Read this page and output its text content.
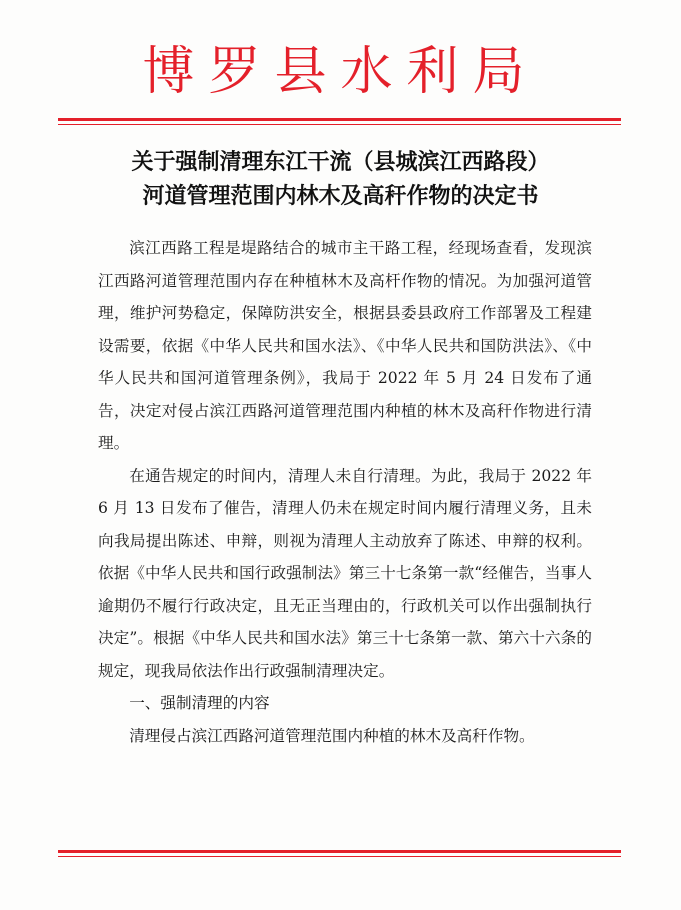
博罗县水利局
关于强制清理东江干流（县城滨江西路段）
河道管理范围内林木及高秆作物的决定书

滨江西路工程是堤路结合的城市主干路工程，经现场查看，发现滨江西路河道管理范围内存在种植林木及高杆作物的情况。为加强河道管理，维护河势稳定，保障防洪安全，根据县委县政府工作部署及工程建设需要，依据《中华人民共和国水法》、《中华人民共和国防洪法》、《中华人民共和国河道管理条例》，我局于 2022 年 5 月 24 日发布了通告，决定对侵占滨江西路河道管理范围内种植的林木及高秆作物进行清理。

在通告规定的时间内，清理人未自行清理。为此，我局于 2022 年 6 月 13 日发布了催告，清理人仍未在规定时间内履行清理义务，且未向我局提出陈述、申辩，则视为清理人主动放弃了陈述、申辩的权利。依据《中华人民共和国行政强制法》第三十七条第一款“经催告，当事人逾期仍不履行行政决定，且无正当理由的，行政机关可以作出强制执行决定”。根据《中华人民共和国水法》第三十七条第一款、第六十六条的规定，现我局依法作出行政强制清理决定。

一、强制清理的内容

清理侵占滨江西路河道管理范围内种植的林木及高秆作物。
